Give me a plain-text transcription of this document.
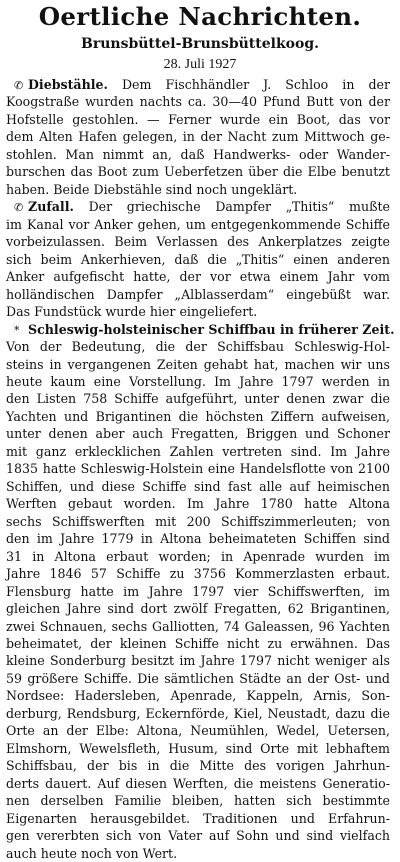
Oertliche Nachrichten.
Brunsbüttel-Brunsbüttelkoog.
28. Juli 1927
✆ Diebstähle. Dem Fischhändler J. Schloo in der
Koogstraße wurden nachts ca. 30—40 Pfund Butt von der
Hofstelle gestohlen. — Ferner wurde ein Boot, das vor
dem Alten Hafen gelegen, in der Nacht zum Mittwoch ge-
stohlen. Man nimmt an, daß Handwerks- oder Wander-
burschen das Boot zum Ueberfetzen über die Elbe benutzt
haben. Beide Diebstähle sind noch ungeklärt.
✆ Zufall. Der griechische Dampfer „Thitis“ mußte
im Kanal vor Anker gehen, um entgegenkommende Schiffe
vorbeizulassen. Beim Verlassen des Ankerplatzes zeigte
sich beim Ankerhieven, daß die „Thitis“ einen anderen
Anker aufgefischt hatte, der vor etwa einem Jahr vom
holländischen Dampfer „Alblasserdam“ eingebüßt war.
Das Fundstück wurde hier eingeliefert.
* Schleswig-holsteinischer Schiffbau in früherer Zeit.
Von der Bedeutung, die der Schiffsbau Schleswig-Hol-
steins in vergangenen Zeiten gehabt hat, machen wir uns
heute kaum eine Vorstellung. Im Jahre 1797 werden in
den Listen 758 Schiffe aufgeführt, unter denen zwar die
Yachten und Brigantinen die höchsten Ziffern aufweisen,
unter denen aber auch Fregatten, Briggen und Schoner
mit ganz erklecklichen Zahlen vertreten sind. Im Jahre
1835 hatte Schleswig-Holstein eine Handelsflotte von 2100
Schiffen, und diese Schiffe sind fast alle auf heimischen
Werften gebaut worden. Im Jahre 1780 hatte Altona
sechs Schiffswerften mit 200 Schiffszimmerleuten; von
den im Jahre 1779 in Altona beheimateten Schiffen sind
31 in Altona erbaut worden; in Apenrade wurden im
Jahre 1846 57 Schiffe zu 3756 Kommerzlasten erbaut.
Flensburg hatte im Jahre 1797 vier Schiffswerften, im
gleichen Jahre sind dort zwölf Fregatten, 62 Brigantinen,
zwei Schnauen, sechs Galliotten, 74 Galeassen, 96 Yachten
beheimatet, der kleinen Schiffe nicht zu erwähnen. Das
kleine Sonderburg besitzt im Jahre 1797 nicht weniger als
59 größere Schiffe. Die sämtlichen Städte an der Ost- und
Nordsee: Hadersleben, Apenrade, Kappeln, Arnis, Son-
derburg, Rendsburg, Eckernförde, Kiel, Neustadt, dazu die
Orte an der Elbe: Altona, Neumühlen, Wedel, Uetersen,
Elmshorn, Wewelsfleth, Husum, sind Orte mit lebhaftem
Schiffsbau, der bis in die Mitte des vorigen Jahrhun-
derts dauert. Auf diesen Werften, die meistens Generatio-
nen derselben Familie bleiben, hatten sich bestimmte
Eigenarten herausgebildet. Traditionen und Erfahrun-
gen vererbten sich von Vater auf Sohn und sind vielfach
auch heute noch von Wert.
